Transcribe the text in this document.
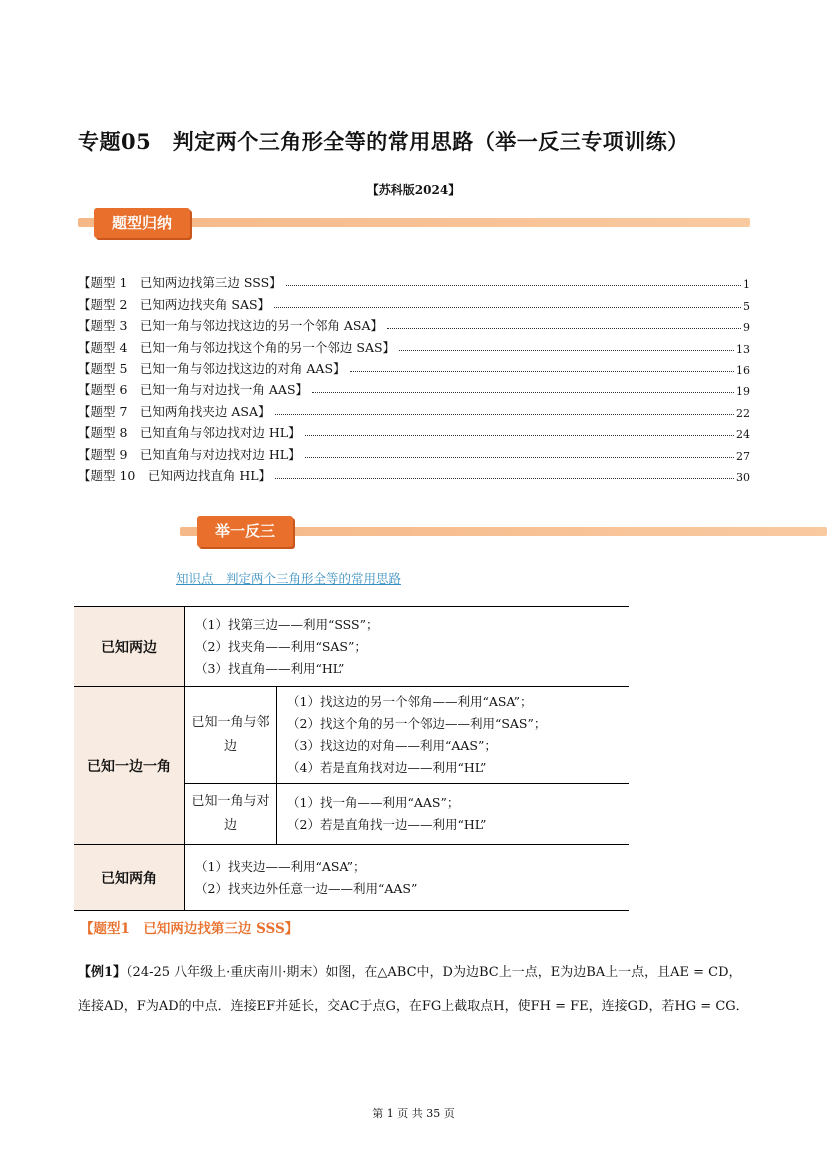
专题05　判定两个三角形全等的常用思路（举一反三专项训练）
【苏科版2024】
题型归纳
【题型 1　已知两边找第三边 SSS】	1
【题型 2　已知两边找夹角 SAS】	5
【题型 3　已知一角与邻边找这边的另一个邻角 ASA】	9
【题型 4　已知一角与邻边找这个角的另一个邻边 SAS】	13
【题型 5　已知一角与邻边找这边的对角 AAS】	16
【题型 6　已知一角与对边找一角 AAS】	19
【题型 7　已知两角找夹边 ASA】	22
【题型 8　已知直角与邻边找对边 HL】	24
【题型 9　已知直角与对边找对边 HL】	27
【题型 10　已知两边找直角 HL】	30
举一反三
知识点　判定两个三角形全等的常用思路
已知两边	（1）找第三边——利用“SSS”；
（2）找夹角——利用“SAS”；
（3）找直角——利用“HL”	

已知一边一角	已知一角与邻边	（1）找这边的另一个邻角——利用“ASA”；
（2）找这个角的另一个邻边——利用“SAS”；
（3）找这边的对角——利用“AAS”；
（4）若是直角找对边——利用“HL”

	已知一角与对边	（1）找一角——利用“AAS”；
（2）若是直角找一边——利用“HL”

已知两角	（1）找夹边——利用“ASA”；
（2）找夹边外任意一边——利用“AAS”	
【题型1　已知两边找第三边 SSS】
【例1】（24-25 八年级上·重庆南川·期末）如图，在△ABC中，D为边BC上一点，E为边BA上一点，且AE = CD，连接AD，F为AD的中点．连接EF并延长，交AC于点G，在FG上截取点H，使FH = FE，连接GD，若HG = CG．
第 1 页 共 35 页
